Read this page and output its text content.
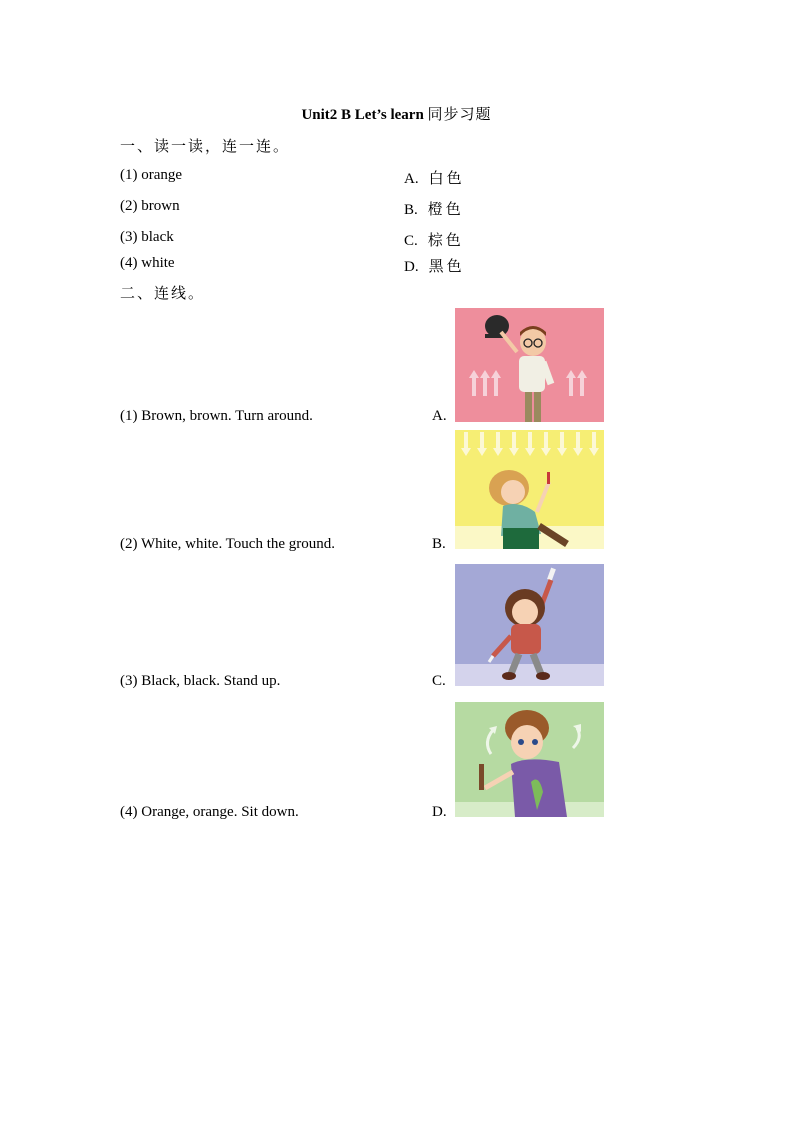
Unit2 B Let’s learn 同步习题
一、读一读，连一连。
(1) orange	A. 白色
(2) brown	B. 橙色
(3) black	C. 棕色
(4) white	D. 黑色
二、连线。
(1) Brown, brown. Turn around.	A.
(2) White, white. Touch the ground.	B.
(3) Black, black. Stand up.	C.
(4) Orange, orange. Sit down.	D.
